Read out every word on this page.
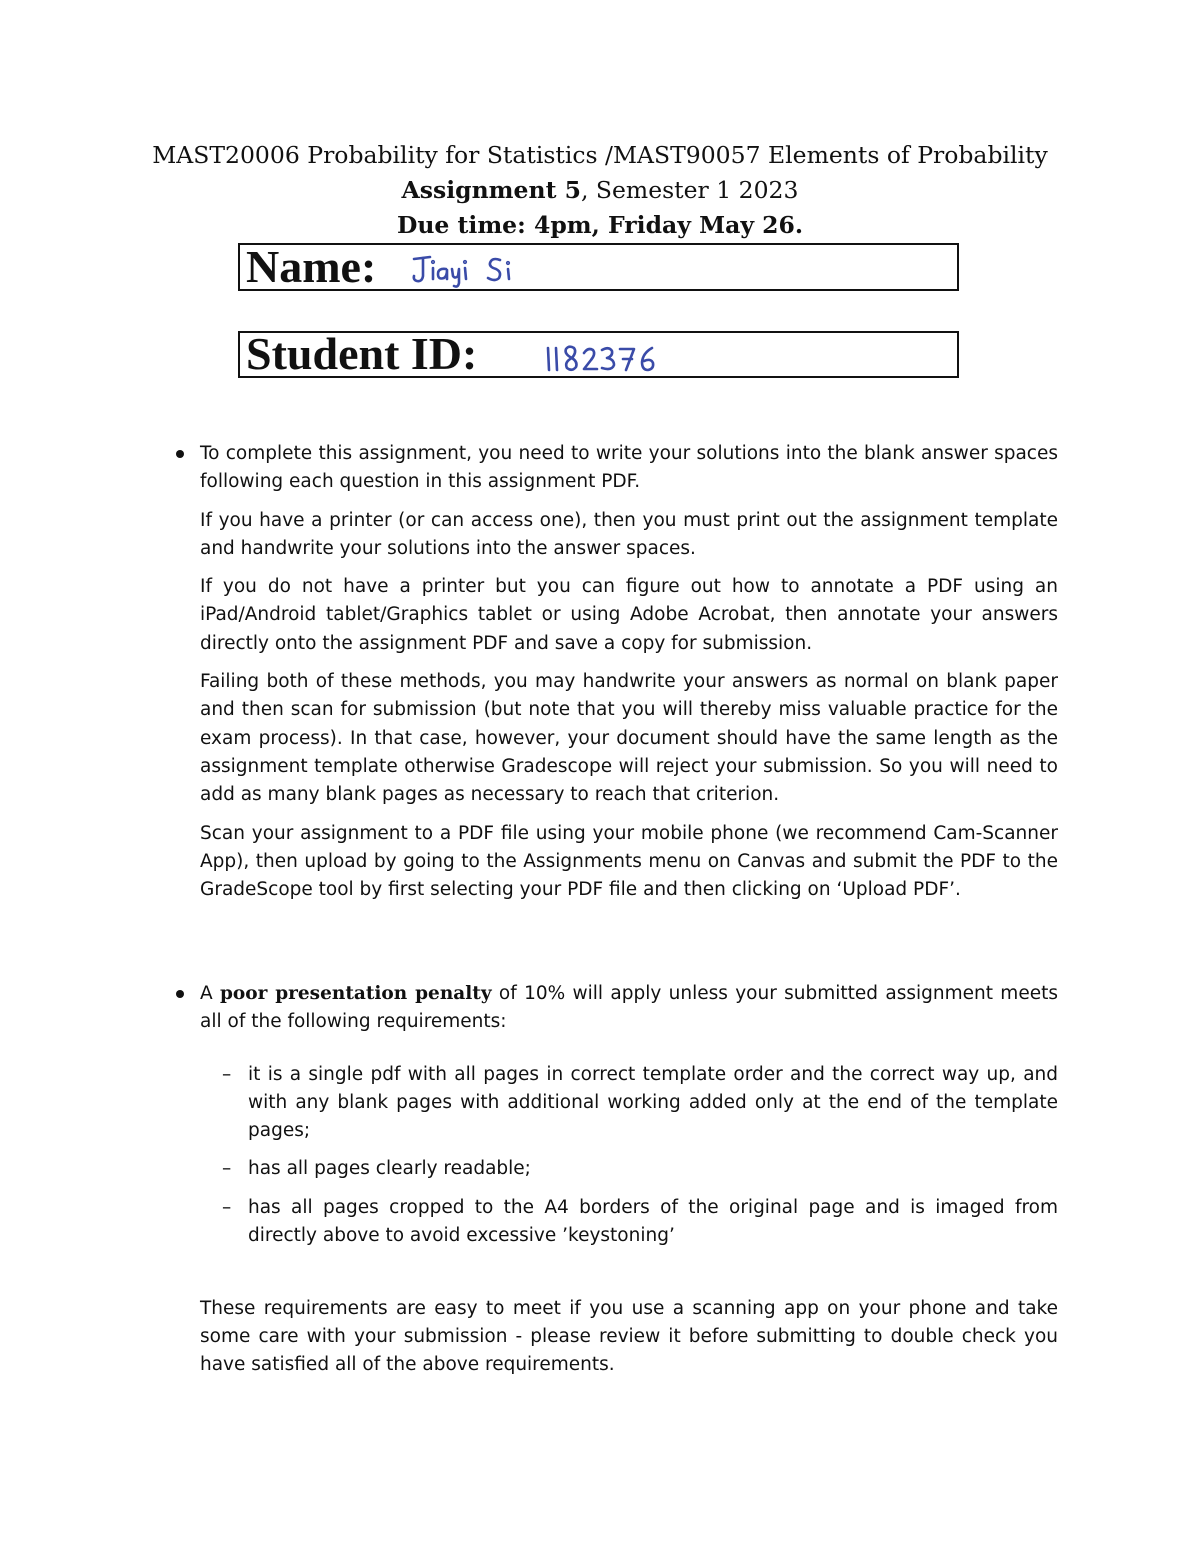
MAST20006 Probability for Statistics /MAST90057 Elements of Probability
Assignment 5, Semester 1 2023
Due time: 4pm, Friday May 26.
Name:
Student ID:

To complete this assignment, you need to write your solutions into the blank answer spaces following each question in this assignment PDF.

If you have a printer (or can access one), then you must print out the assignment template and handwrite your solutions into the answer spaces.

If you do not have a printer but you can figure out how to annotate a PDF using an iPad/Android tablet/Graphics tablet or using Adobe Acrobat, then annotate your answers directly onto the assignment PDF and save a copy for submission.

Failing both of these methods, you may handwrite your answers as normal on blank paper and then scan for submission (but note that you will thereby miss valuable practice for the exam process). In that case, however, your document should have the same length as the assignment template otherwise Gradescope will reject your submission. So you will need to add as many blank pages as necessary to reach that criterion.

Scan your assignment to a PDF file using your mobile phone (we recommend Cam-Scanner App), then upload by going to the Assignments menu on Canvas and submit the PDF to the GradeScope tool by first selecting your PDF file and then clicking on ‘Upload PDF’.

A poor presentation penalty of 10% will apply unless your submitted assignment meets all of the following requirements:

– it is a single pdf with all pages in correct template order and the correct way up, and with any blank pages with additional working added only at the end of the template pages;
– has all pages clearly readable;
– has all pages cropped to the A4 borders of the original page and is imaged from directly above to avoid excessive ’keystoning’

These requirements are easy to meet if you use a scanning app on your phone and take some care with your submission - please review it before submitting to double check you have satisfied all of the above requirements.
